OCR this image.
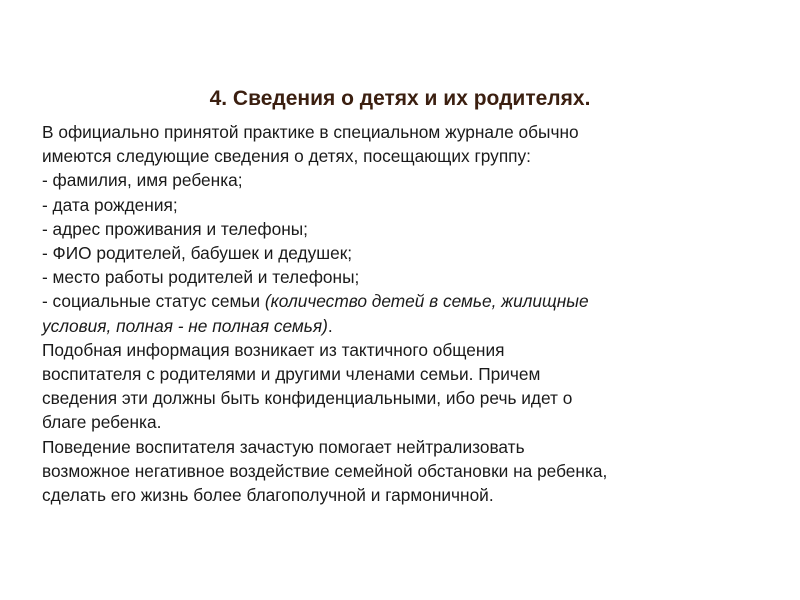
4. Сведения о детях и их родителях.
В официально принятой практике в специальном журнале обычно
имеются следующие сведения о детях, посещающих группу:
- фамилия, имя ребенка;
- дата рождения;
- адрес проживания и телефоны;
- ФИО родителей, бабушек и дедушек;
- место работы родителей и телефоны;
- социальные статус семьи (количество детей в семье, жилищные
условия, полная - не полная семья).
Подобная информация возникает из тактичного общения
воспитателя с родителями и другими членами семьи. Причем
сведения эти должны быть конфиденциальными, ибо речь идет о
благе ребенка.
Поведение воспитателя зачастую помогает нейтрализовать
возможное негативное воздействие семейной обстановки на ребенка,
сделать его жизнь более благополучной и гармоничной.
